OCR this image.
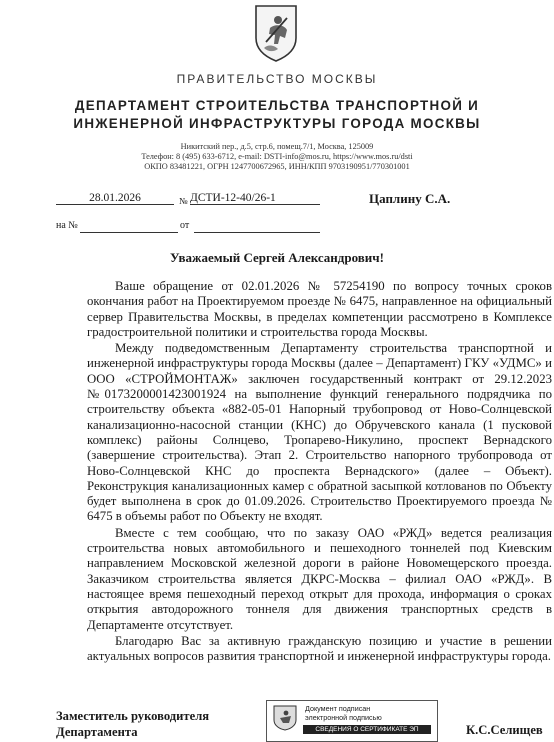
ПРАВИТЕЛЬСТВО МОСКВЫ
ДЕПАРТАМЕНТ СТРОИТЕЛЬСТВА ТРАНСПОРТНОЙ И
ИНЖЕНЕРНОЙ ИНФРАСТРУКТУРЫ ГОРОДА МОСКВЫ
Никитский пер., д.5, стр.6, помещ.7/1, Москва, 125009
Телефон: 8 (495) 633-6712, e-mail: DSTI-info@mos.ru, https://www.mos.ru/dsti
ОКПО 83481221, ОГРН 1247700672965, ИНН/КПП 9703190951/770301001
28.01.2026	№ ДСТИ-12-40/26-1	Цаплину С.А.
на №	от
Уважаемый Сергей Александрович!

Ваше обращение от 02.01.2026 № 57254190 по вопросу точных сроков окончания работ на Проектируемом проезде № 6475, направленное на официальный сервер Правительства Москвы, в пределах компетенции рассмотрено в Комплексе градостроительной политики и строительства города Москвы.

Между подведомственным Департаменту строительства транспортной и инженерной инфраструктуры города Москвы (далее – Департамент) ГКУ «УДМС» и ООО «СТРОЙМОНТАЖ» заключен государственный контракт от 29.12.2023 №0173200001423001924 на выполнение функций генерального подрядчика по строительству объекта «882-05-01 Напорный трубопровод от Ново-Солнцевской канализационно-насосной станции (КНС) до Обручевского канала (1 пусковой комплекс) районы Солнцево, Тропарево-Никулино, проспект Вернадского (завершение строительства). Этап 2. Строительство напорного трубопровода от Ново-Солнцевской КНС до проспекта Вернадского» (далее – Объект). Реконструкция канализационных камер с обратной засыпкой котлованов по Объекту будет выполнена в срок до 01.09.2026. Строительство Проектируемого проезда № 6475 в объемы работ по Объекту не входят.

Вместе с тем сообщаю, что по заказу ОАО «РЖД» ведется реализация строительства новых автомобильного и пешеходного тоннелей под Киевским направлением Московской железной дороги в районе Новомещерского проезда. Заказчиком строительства является ДКРС-Москва – филиал ОАО «РЖД». В настоящее время пешеходный переход открыт для прохода, информация о сроках открытия автодорожного тоннеля для движения транспортных средств в Департаменте отсутствует.

Благодарю Вас за активную гражданскую позицию и участие в решении актуальных вопросов развития транспортной и инженерной инфраструктуры города.

Заместитель руководителя
Департамента	К.С.Селищев
Документ подписан
электронной подписью
СВЕДЕНИЯ О СЕРТИФИКАТЕ ЭП
